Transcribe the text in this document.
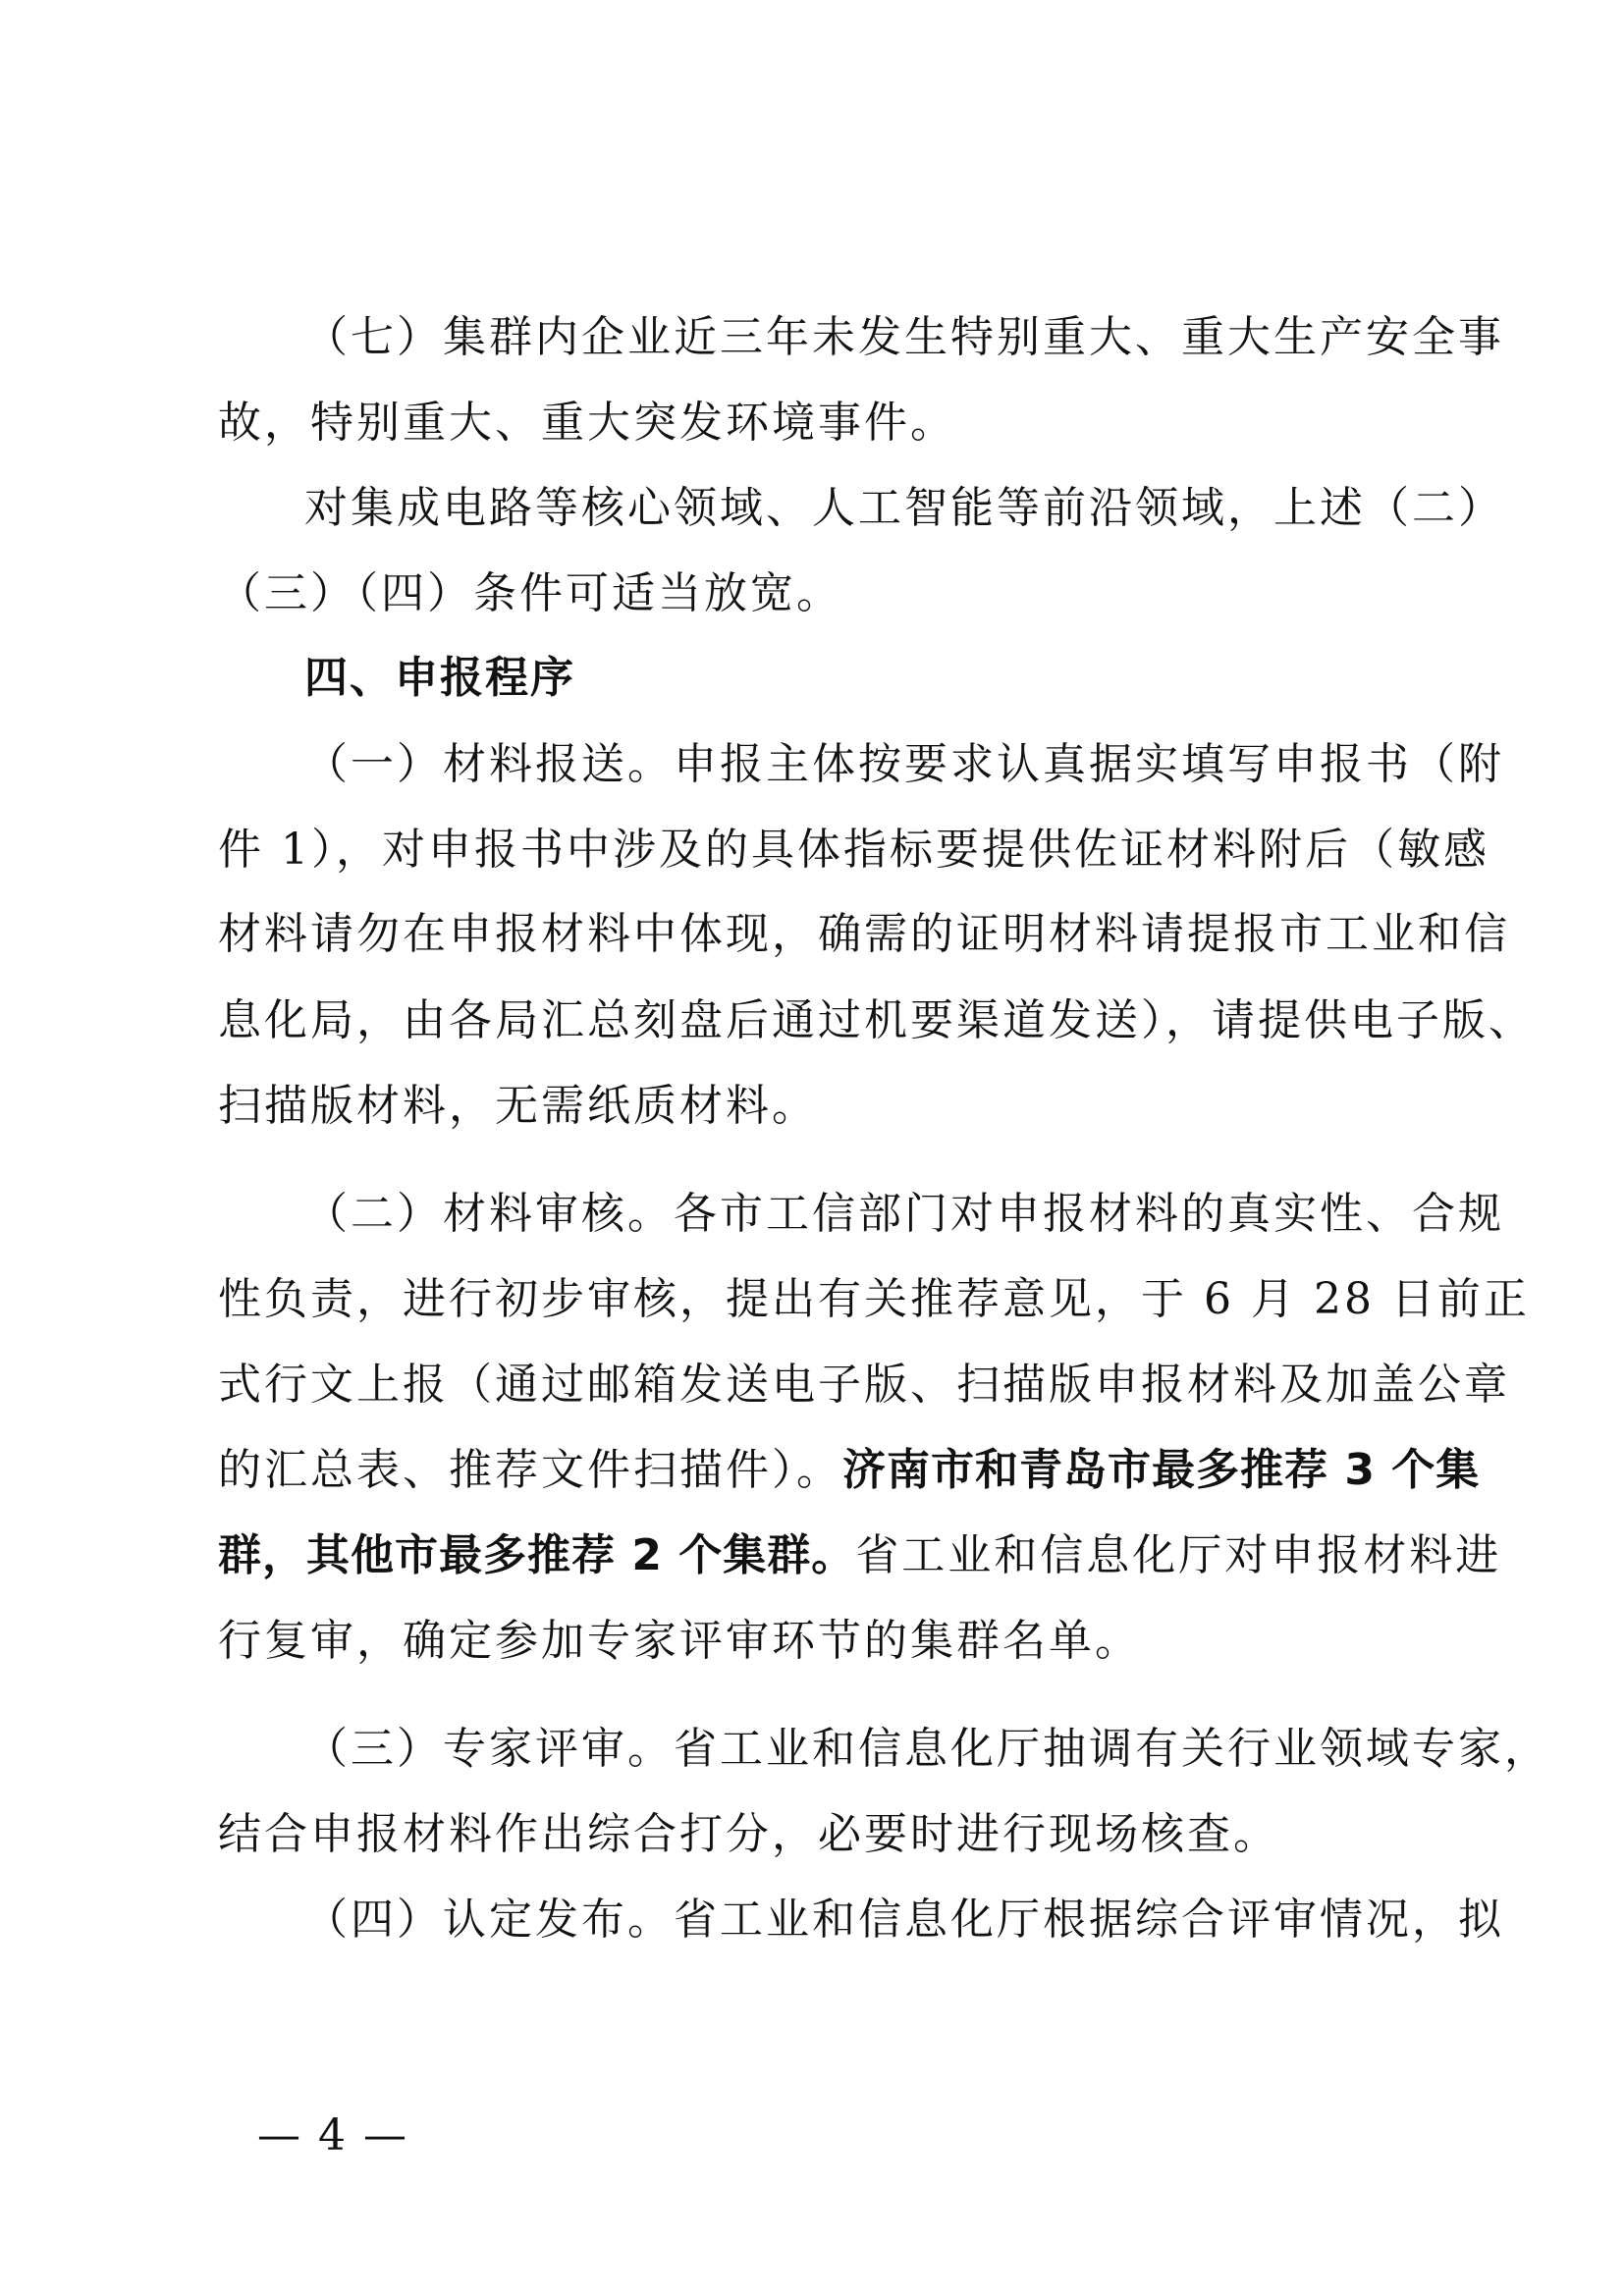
（七）集群内企业近三年未发生特别重大、重大生产安全事
故，特别重大、重大突发环境事件。
对集成电路等核心领域、人工智能等前沿领域，上述（二）
（三）（四）条件可适当放宽。
四、申报程序
（一）材料报送。申报主体按要求认真据实填写申报书（附
件 1），对申报书中涉及的具体指标要提供佐证材料附后（敏感
材料请勿在申报材料中体现，确需的证明材料请提报市工业和信
息化局，由各局汇总刻盘后通过机要渠道发送），请提供电子版、
扫描版材料，无需纸质材料。
（二）材料审核。各市工信部门对申报材料的真实性、合规
性负责，进行初步审核，提出有关推荐意见，于 6 月 28 日前正
式行文上报（通过邮箱发送电子版、扫描版申报材料及加盖公章
的汇总表、推荐文件扫描件）。济南市和青岛市最多推荐 3 个集
群，其他市最多推荐 2 个集群。省工业和信息化厅对申报材料进
行复审，确定参加专家评审环节的集群名单。
（三）专家评审。省工业和信息化厅抽调有关行业领域专家，
结合申报材料作出综合打分，必要时进行现场核查。
（四）认定发布。省工业和信息化厅根据综合评审情况，拟
— 4 —
